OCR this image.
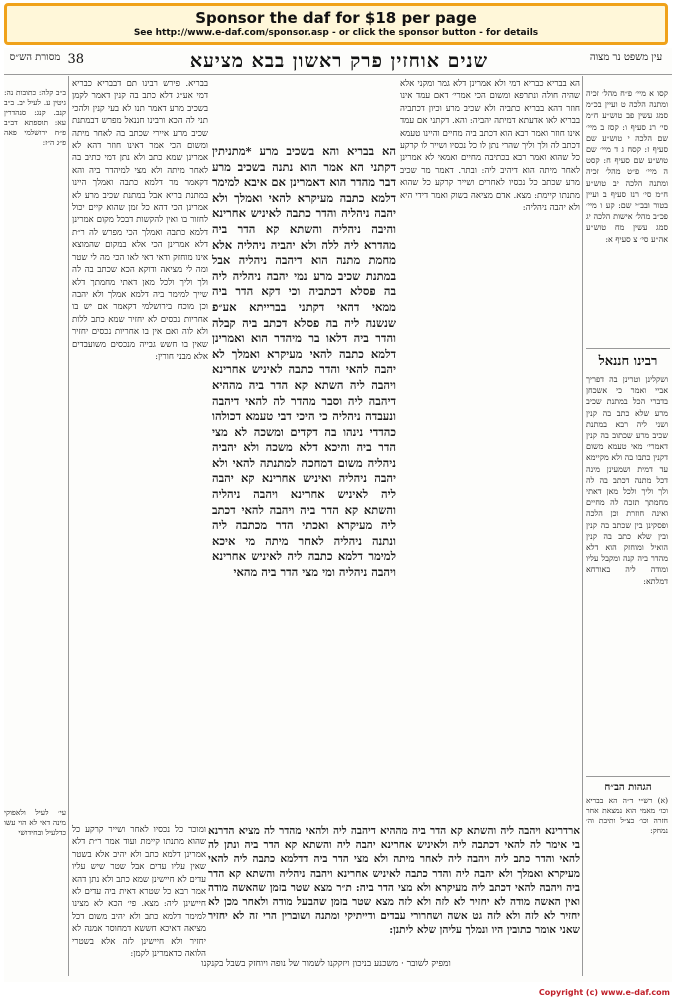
Sponsor the daf for $18 per page
See http://www.e-daf.com/sponsor.asp - or click the sponsor button - for details
38	שנים אוחזין פרק ראשון בבא מציעא
מסורת הש״ס	עין משפט נר מצוה
קסו א מיי׳ פ״ח מהל׳ זכיה ומתנה הלכה ט ועיין בכ״מ סמג עשין פב טוש״ע ח״מ סי׳ רנ סעיף ו: קסז ב מיי׳ שם הלכה י טוש״ע שם סעיף ז: קסח ג ד מיי׳ שם טוש״ע שם סעיף ח: קסט ה מיי׳ פ״ט מהל׳ זכיה ומתנה הלכה יב טוש״ע ח״מ סי׳ רנז סעיף ב ועיין בטור ובב״י שם: קע ו מיי׳ פכ״ב מהל׳ אישות הלכה יג סמג עשין מח טוש״ע אה״ע סי׳ צ סעיף א:
רבינו חננאל
ושקלינן וטרינן בה דפריך אביי ואמר כי אשכחן בדברי הכל במתנת שכיב מרע שלא כתב בה קנין ושני ליה רבא במתנת שכיב מרע שכתוב בה קנין דאמרי׳ מאי טעמא משום דקנין כתבו בה ולא מקיימא עד דמית ושמעינן מינה דכל מתנה דכתב בה לה ולך וליך ולכל מאן דאתי מחמתך תזכה לה מחיים ואינה חוזרת וכן הלכה ופסקינן בין שכתב בה קנין ובין שלא כתב בה קנין הואיל ומוחזק הוא דלא מהדר ביה קנה ומקבל עליו ומודה ליה באורחא דמלתא:
הגהות הב״ח
(א) רש״י ד״ה הא בבריא וכו׳ מאמי הוא נמצאת אחר חזרה וכו׳ כצ״ל ותיבת וה׳ נמחק:
ב״ב קלה: כתובות נה: גיטין ע. לעיל יב. ב״ב קנב. קנג: סנהדרין עא: תוספתא דב״ב פ״ח ירושלמי פאה פ״ג ה״ז:
עי׳ לעיל ולאפוקי מינה דאי לא הוי עשו כדלעיל ובחידושי
הא בבריא כבריא דמי ולא אמרינן דלא גמר ומקני אלא שהיה חולה ונתרפא ומשום הכי אמרי׳ דאם עמד אינו חוזר דהא בבריא כתביה ולא שכיב מרע וכיון דכתביה בבריא לאו אדעתא דמיתה יהביה: והא. דקתני אם עמד אינו חוזר ואמר רבא הוא דכתב ביה מחיים והיינו טעמא דכתב לה ולך וליך שהרי נתן לו כל נכסיו ושייר לו קרקע כל שהוא ואמר רבא בכתיבה מחיים ואמאי לא אמרינן לאחר מיתה הוא דיהיב ליה: ובתר. דאמר מר שכיב מרע שכתב כל נכסיו לאחרים ושייר קרקע כל שהוא מתנתו קיימת: מצא. אדם מציאה בשוק ואמר דידי היא ולא יהבה ניהליה:
הא בבריא והא בשכיב מרע *מתניתין דקתני הא אמר הוא נתנה בשכיב מרע דבר מהדר הוא דאמרינן אם איבא למימר דלמא כתבה מעיקרא להאי ואמלך ולא יהבה ניהליה והדר כתבה לאיניש אחרינא והיבה ניהליה והשתא קא הדר ביה מהדרא ליה ללה ולא יהביה ניהליה אלא מחמת מתנה הוא דיהבה ניהליה אבל במתנת שכיב מרע נמי יהבה ניהליה ליה בה פסלא דכתביה וכי דקא הדר ביה ממאי דהאי דקתני בברייתא אע״פ שנשנה ליה בה פסלא דכתב ביה קבלה והדר ביה דלאו בר מיהדר הוא ואמרינן דלמא כתבה להאי מעיקרא ואמלך לא יהבה להאי והדר כתבה לאיניש אחרינא ויהבה ליה השתא קא הדר ביה מההיא דיהבה ליה וסבר מהדר לה להאי דיהבה ונעבדה ניהליה כי היכי דבי טעמא דכולהו כהדדי נינהו בה דקדים ומשכה לא מצי הדר ביה והיכא דלא משכה ולא יהביה ניהליה משום דמחכה למתנתה להאי ולא יהבה ניהליה ואיניש אחרינא קא יהבה ליה לאיניש אחרינא ויהבה ניהליה והשתא קא הדר ביה ויהבה להאי דכתב ליה מעיקרא ואכתי הדר מכתבה ליה ונתנה ניהליה לאחר מיתה מי איכא למימר דלמא כתבה ליה לאיניש אחרינא ויהבה ניהליה ומי מצי הדר ביה מהאי
בבריא. פירש רבינו תם דבבריא כבריא דמי אע״ג דלא כתב בה קנין דאמר לקמן בשכיב מרע דאמר תנו לא בעי קנין ולהכי תני לה הכא ורבינו חננאל מפרש דבמתנת שכיב מרע איירי שכתב בה לאחר מיתה ומשום הכי אמר דאינו חוזר דהא לא אמרינן שמא כתב ולא נתן דמי כתיב בה לאחר מיתה ולא מצי למיהדר ביה והא דקאמר מר דלמא כתבה ואמלך היינו במתנת בריא אבל במתנת שכיב מרע לא אמרינן הכי דהא כל זמן שהוא קיים יכול לחזור בו ואין להקשות דבכל מקום אמרינן דלמא כתבה ואמלך הכי מפרש לה ר״ת דלא אמרינן הכי אלא במקום שהמוצא אינו מוחזק ודאי דאי לאו הכי מה לי שטר ומה לי מציאה ודוקא הכא שכתב בה לה ולך וליך ולכל מאן דאתי מחמתך דלא שייך למימר ביה דלמא אמלך ולא יהבה וכן מוכח בירושלמי דקאמר אם יש בו אחריות נכסים לא יחזיר שמא כתב ללות ולא לוה ואם אין בו אחריות נכסים יחזיר שאין בו חשש גבייה מנכסים משועבדים אלא מבני חורין:
ארדרינא ויהבה ליה והשתא קא הדר ביה מההיא דיהבה ליה ולהאי מהדר לה מציא הדרנא בי אימר לה להאי דכתבה ליה ולאיניש אחרינא יהבה ליה והשתא קא הדר ביה ונתן לה להאי והדר כתב ליה ויהבה ליה לאחר מיתה ולא מצי הדר ביה דדלמא כתבה ליה להאי מעיקרא ואמלך ולא יהבה ליה והדר כתבה לאיניש אחרינא ויהבה ניהליה והשתא קא הדר ביה ויהבה להאי דכתב ליה מעיקרא ולא מצי הדר ביה: ת״ר מצא שטר בזמן שהאשה מודה ואין האשה מודה לא יחזיר לא לזה ולא לזה מצא שטר בזמן שהבעל מודה ולאחר מכן לא יחזיר לא לזה ולא לזה גט אשה ושחרורי עבדים ודייתיקי ומתנה ושוברין הרי זה לא יחזיר שאני אומר כתובין היו ונמלך עליהן שלא ליתנן:
ומוכר כל נכסיו לאחר ושייר קרקע כל שהוא מתנתו קיימת ועוד אמר ר״ת דלא אמרינן דלמא כתב ולא יהיב אלא בשטר שאין עליו עדים אבל שטר שיש עליו עדים לא חיישינן שמא כתב ולא נתן דהא אמר רבא כל שטרא דאית ביה עדים לא חיישינן ליה: מצא. פי׳ הכא לא מצינו למימר דלמא כתב ולא יהיב משום דכל מציאה דאיכא חששא דמחוסר אמנה לא יחזיר ולא חיישינן לזה אלא בשטרי הלואה כדאמרינן לקמן:
ומפיק לשובר · משכנע בניכון ויזקקנו לשמור של נופה ויוחזק בשבל בקנקנו
Copyright (c) www.e-daf.com
